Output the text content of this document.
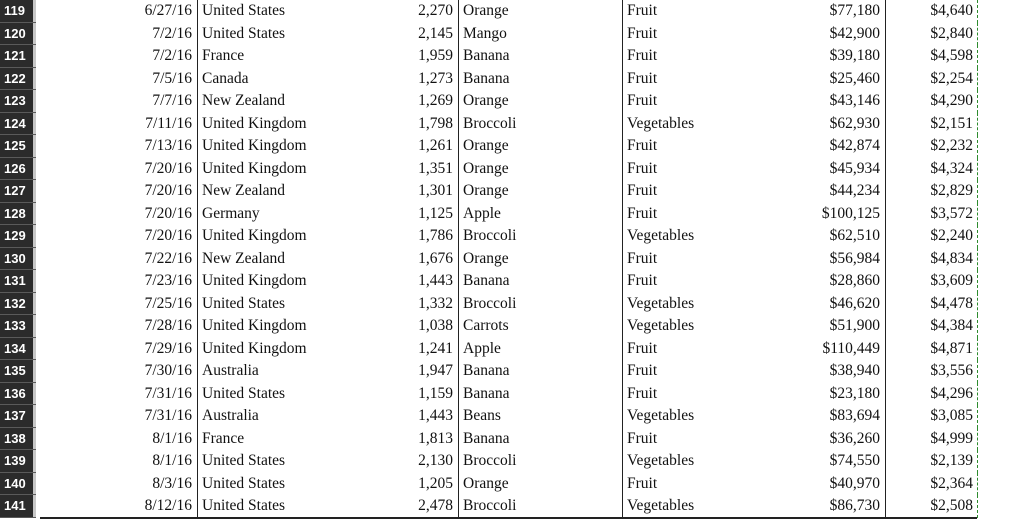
119	6/27/16 United States	2,270 Orange	Fruit	$77,180	$4,640
120	7/2/16 United States	2,145 Mango	Fruit	$42,900	$2,840
121	7/2/16 France	1,959 Banana	Fruit	$39,180	$4,598
122	7/5/16 Canada	1,273 Banana	Fruit	$25,460	$2,254
123	7/7/16 New Zealand	1,269 Orange	Fruit	$43,146	$4,290
124	7/11/16 United Kingdom	1,798 Broccoli	Vegetables	$62,930	$2,151
125	7/13/16 United Kingdom	1,261 Orange	Fruit	$42,874	$2,232
126	7/20/16 United Kingdom	1,351 Orange	Fruit	$45,934	$4,324
127	7/20/16 New Zealand	1,301 Orange	Fruit	$44,234	$2,829
128	7/20/16 Germany	1,125 Apple	Fruit	$100,125	$3,572
129	7/20/16 United Kingdom	1,786 Broccoli	Vegetables	$62,510	$2,240
130	7/22/16 New Zealand	1,676 Orange	Fruit	$56,984	$4,834
131	7/23/16 United Kingdom	1,443 Banana	Fruit	$28,860	$3,609
132	7/25/16 United States	1,332 Broccoli	Vegetables	$46,620	$4,478
133	7/28/16 United Kingdom	1,038 Carrots	Vegetables	$51,900	$4,384
134	7/29/16 United Kingdom	1,241 Apple	Fruit	$110,449	$4,871
135	7/30/16 Australia	1,947 Banana	Fruit	$38,940	$3,556
136	7/31/16 United States	1,159 Banana	Fruit	$23,180	$4,296
137	7/31/16 Australia	1,443 Beans	Vegetables	$83,694	$3,085
138	8/1/16 France	1,813 Banana	Fruit	$36,260	$4,999
139	8/1/16 United States	2,130 Broccoli	Vegetables	$74,550	$2,139
140	8/3/16 United States	1,205 Orange	Fruit	$40,970	$2,364
141	8/12/16 United States	2,478 Broccoli	Vegetables	$86,730	$2,508
